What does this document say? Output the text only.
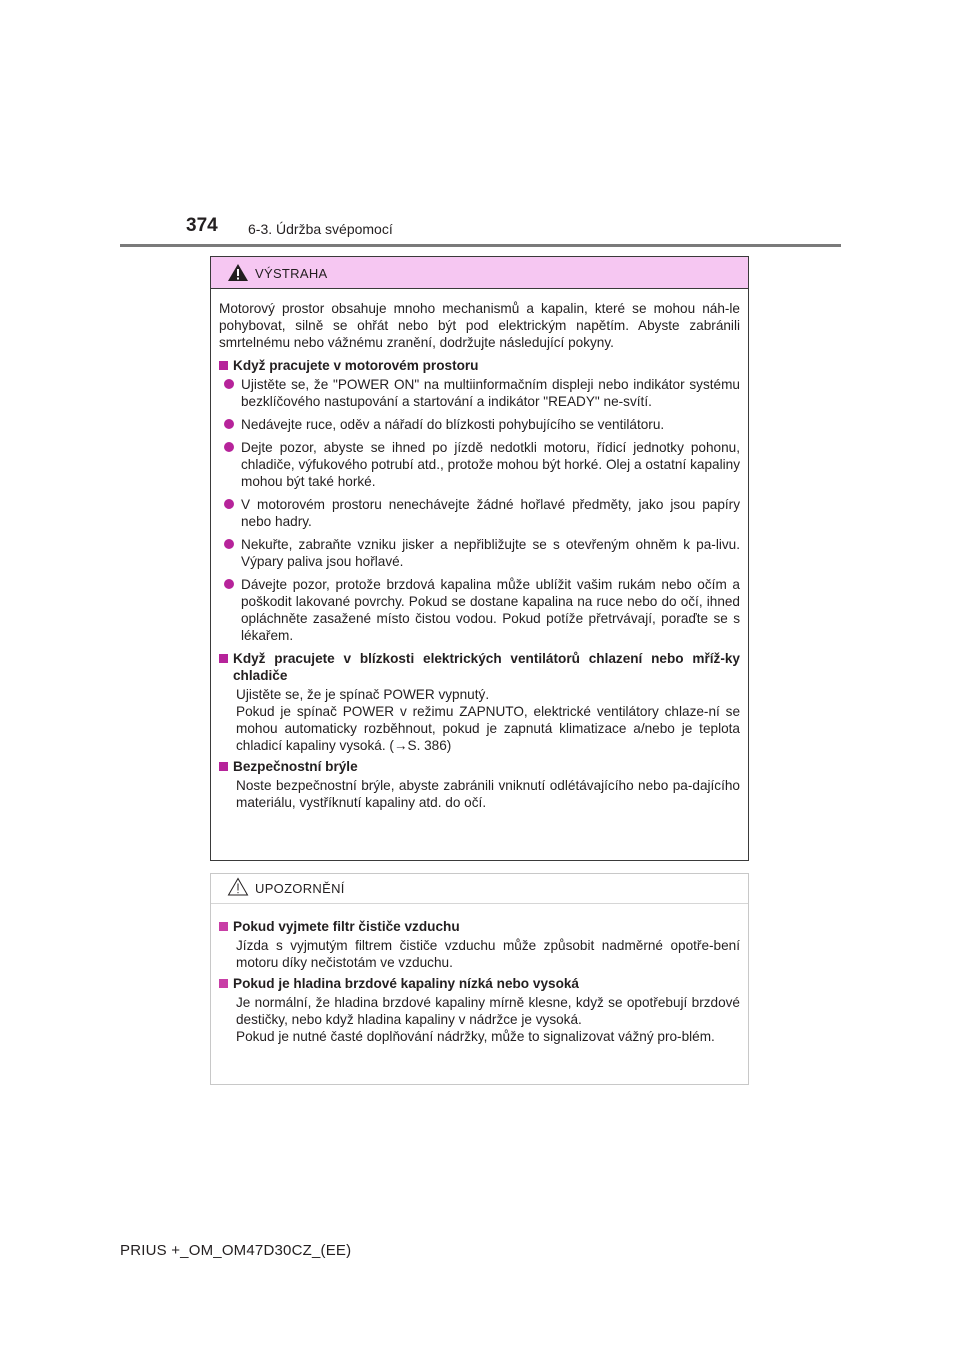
374 6-3. Údržba svépomocí
VÝSTRAHA

Motorový prostor obsahuje mnoho mechanismů a kapalin, které se mohou náh-le pohybovat, silně se ohřát nebo být pod elektrickým napětím. Abyste zabránili smrtelnému nebo vážnému zranění, dodržujte následující pokyny.

Když pracujete v motorovém prostoru
Ujistěte se, že "POWER ON" na multiinformačním displeji nebo indikátor systému bezklíčového nastupování a startování a indikátor "READY" ne-svítí.
Nedávejte ruce, oděv a nářadí do blízkosti pohybujícího se ventilátoru.
Dejte pozor, abyste se ihned po jízdě nedotkli motoru, řídicí jednotky pohonu, chladiče, výfukového potrubí atd., protože mohou být horké. Olej a ostatní kapaliny mohou být také horké.
V motorovém prostoru nenechávejte žádné hořlavé předměty, jako jsou papíry nebo hadry.
Nekuřte, zabraňte vzniku jisker a nepřibližujte se s otevřeným ohněm k pa-livu. Výpary paliva jsou hořlavé.
Dávejte pozor, protože brzdová kapalina může ublížit vašim rukám nebo očím a poškodit lakované povrchy. Pokud se dostane kapalina na ruce nebo do očí, ihned opláchněte zasažené místo čistou vodou. Pokud potíže přetrvávají, poraďte se s lékařem.
Když pracujete v blízkosti elektrických ventilátorů chlazení nebo mříž-ky chladiče

Ujistěte se, že je spínač POWER vypnutý.
Pokud je spínač POWER v režimu ZAPNUTO, elektrické ventilátory chlaze-ní se mohou automaticky rozběhnout, pokud je zapnutá klimatizace a/nebo je teplota chladicí kapaliny vysoká. (→S. 386)

Bezpečnostní brýle

Noste bezpečnostní brýle, abyste zabránili vniknutí odlétávajícího nebo pa-dajícího materiálu, vystříknutí kapaliny atd. do očí.

UPOZORNĚNÍ
Pokud vyjmete filtr čističe vzduchu

Jízda s vyjmutým filtrem čističe vzduchu může způsobit nadměrné opotře-bení motoru díky nečistotám ve vzduchu.

Pokud je hladina brzdové kapaliny nízká nebo vysoká

Je normální, že hladina brzdové kapaliny mírně klesne, když se opotřebují brzdové destičky, nebo když hladina kapaliny v nádržce je vysoká.
Pokud je nutné časté doplňování nádržky, může to signalizovat vážný pro-blém.

PRIUS +_OM_OM47D30CZ_(EE)
